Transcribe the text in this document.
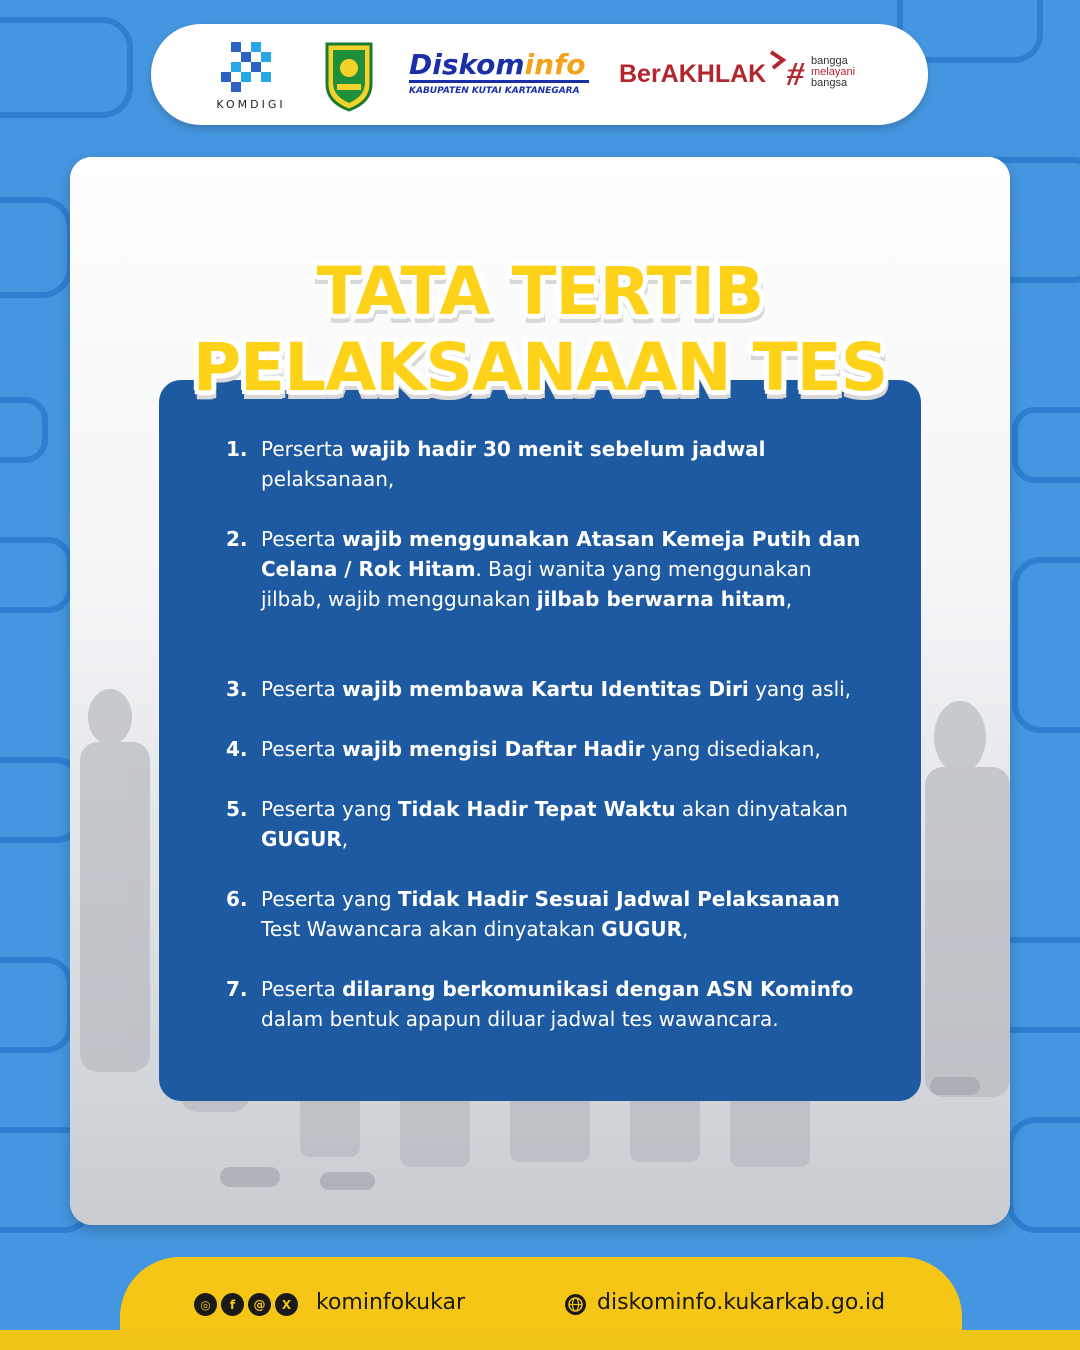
KOMDIGI
Diskominfo
KABUPATEN KUTAI KARTANEGARA
BerAKHLAK # bangga
melayani
bangsa
TATA TERTIB
PELAKSANAAN TES
1. Perserta wajib hadir 30 menit sebelum jadwal pelaksanaan,
2. Peserta wajib menggunakan Atasan Kemeja Putih dan Celana / Rok Hitam. Bagi wanita yang menggunakan jilbab, wajib menggunakan jilbab berwarna hitam,
3. Peserta wajib membawa Kartu Identitas Diri yang asli,
4. Peserta wajib mengisi Daftar Hadir yang disediakan,
5. Peserta yang Tidak Hadir Tepat Waktu akan dinyatakan GUGUR,
6. Peserta yang Tidak Hadir Sesuai Jadwal Pelaksanaan Test Wawancara akan dinyatakan GUGUR,
7. Peserta dilarang berkomunikasi dengan ASN Kominfo dalam bentuk apapun diluar jadwal tes wawancara.
◎	f	@	X	kominfokukar	diskominfo.kukarkab.go.id
